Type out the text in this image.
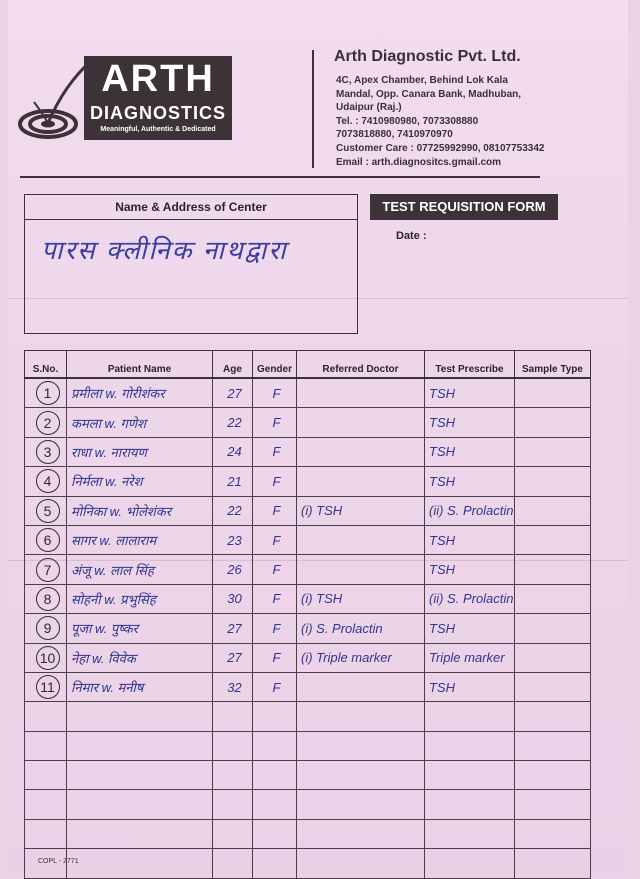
ARTH
DIAGNOSTICS
Meaningful, Authentic & Dedicated
Arth Diagnostic Pvt. Ltd.
4C, Apex Chamber, Behind Lok Kala
Mandal, Opp. Canara Bank, Madhuban,
Udaipur (Raj.)
Tel. : 7410980980, 7073308880
7073818880, 7410970970
Customer Care : 07725992990, 08107753342
Email : arth.diagnositcs.gmail.com
Name & Address of Center
पारस क्लीनिक नाथद्वारा
TEST REQUISITION FORM
Date :
S.No.	Patient Name	Age	Gender	Referred Doctor	Test Prescribe	Sample Type
1	प्रमीला w. गोरीशंकर	27	F		TSH	
2	कमला w. गणेश	22	F		TSH	
3	राधा w. नारायण	24	F		TSH	
4	निर्मला w. नरेश	21	F		TSH	
5	मोनिका w. भोलेशंकर	22	F	(i) TSH	(ii) S. Prolactin	
6	सागर w. लालाराम	23	F		TSH	
7	अंजू w. लाल सिंह	26	F		TSH	
8	सोहनी w. प्रभुसिंह	30	F	(i) TSH	(ii) S. Prolactin	
9	पूजा w. पुष्कर	27	F	(i) S. Prolactin	TSH	
10	नेहा w. विवेक	27	F	(i) Triple marker	Triple marker	
11	निमार w. मनीष	32	F		TSH	

COPL - 2771
